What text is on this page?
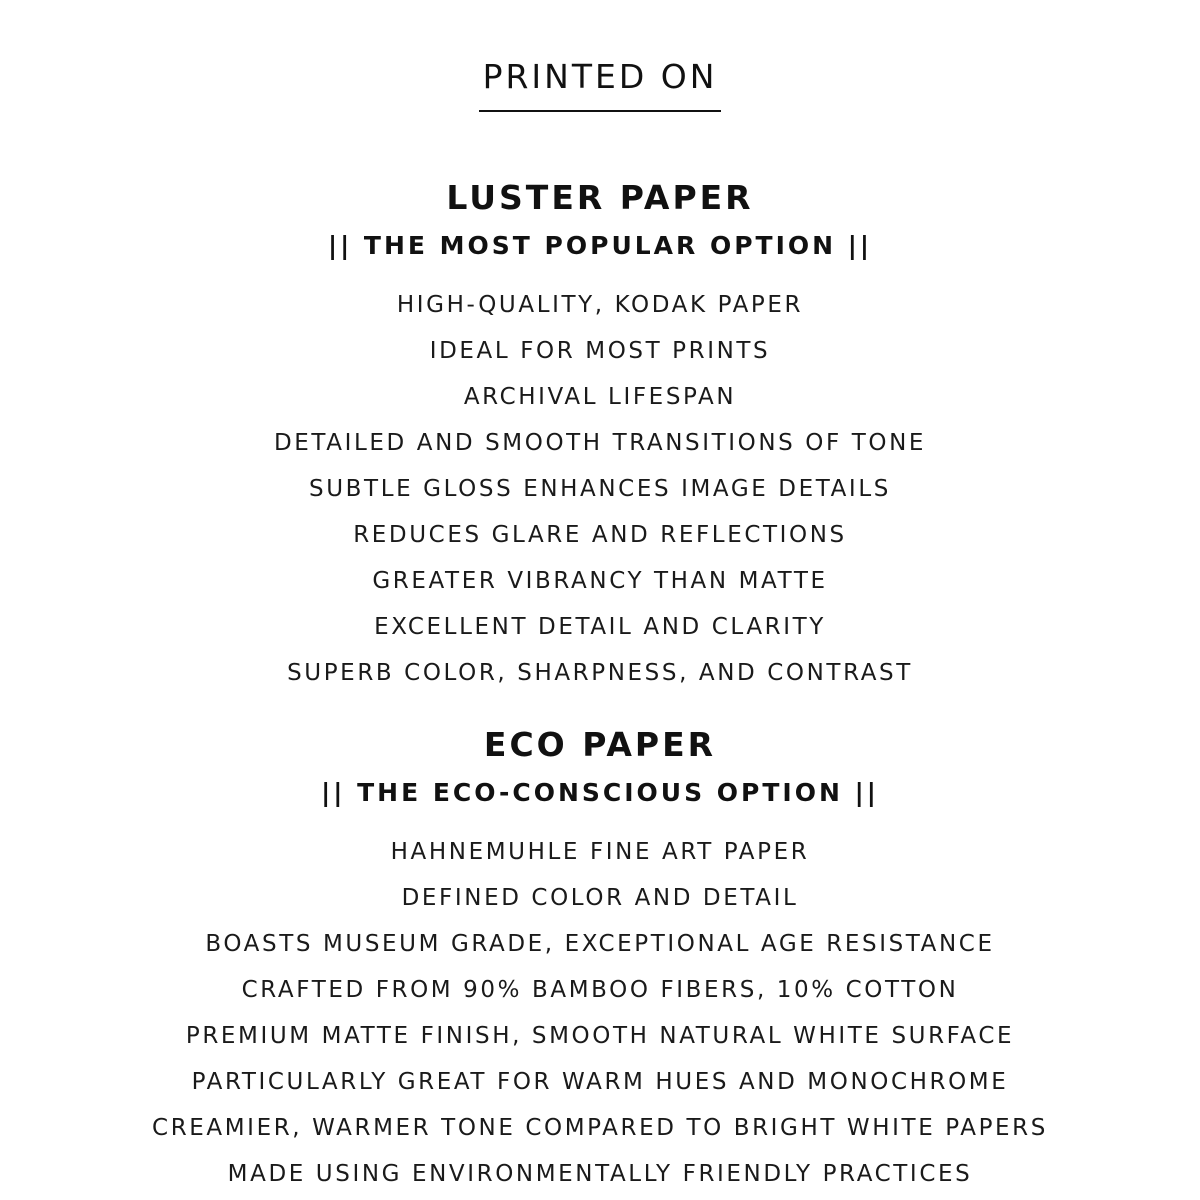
PRINTED ON
LUSTER PAPER
|| THE MOST POPULAR OPTION ||
HIGH-QUALITY, KODAK PAPER
IDEAL FOR MOST PRINTS
ARCHIVAL LIFESPAN
DETAILED AND SMOOTH TRANSITIONS OF TONE
SUBTLE GLOSS ENHANCES IMAGE DETAILS
REDUCES GLARE AND REFLECTIONS
GREATER VIBRANCY THAN MATTE
EXCELLENT DETAIL AND CLARITY
SUPERB COLOR, SHARPNESS, AND CONTRAST
ECO PAPER
|| THE ECO-CONSCIOUS OPTION ||
HAHNEMUHLE FINE ART PAPER
DEFINED COLOR AND DETAIL
BOASTS MUSEUM GRADE, EXCEPTIONAL AGE RESISTANCE
CRAFTED FROM 90% BAMBOO FIBERS, 10% COTTON
PREMIUM MATTE FINISH, SMOOTH NATURAL WHITE SURFACE
PARTICULARLY GREAT FOR WARM HUES AND MONOCHROME
CREAMIER, WARMER TONE COMPARED TO BRIGHT WHITE PAPERS
MADE USING ENVIRONMENTALLY FRIENDLY PRACTICES
